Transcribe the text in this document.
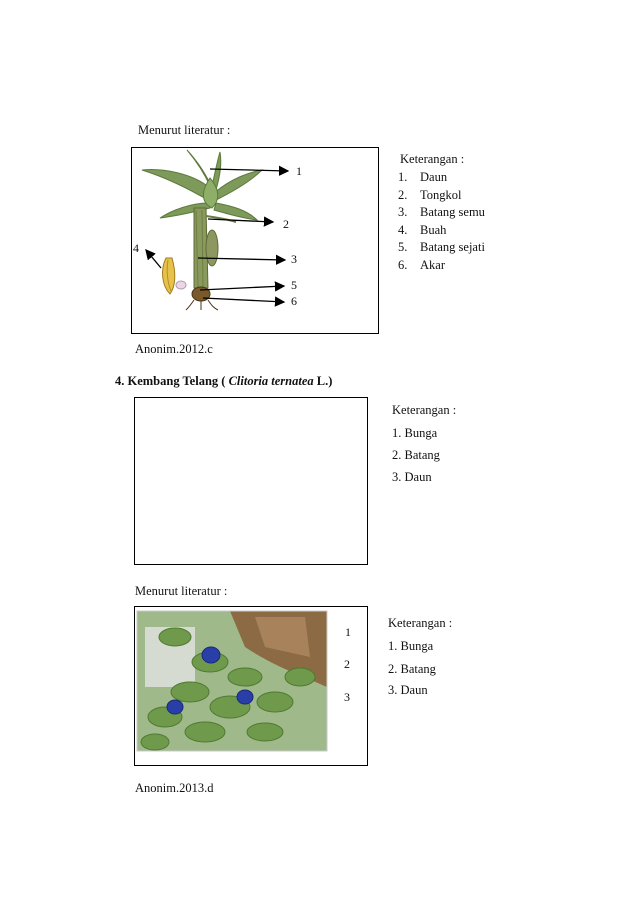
Menurut literatur :
1
2
3
4
5
6
Keterangan :
1. Daun
2. Tongkol
3. Batang semu
4. Buah
5. Batang sejati
6. Akar
Anonim.2012.c
4. Kembang Telang ( Clitoria ternatea L.)
Keterangan :
1. Bunga
2. Batang
3. Daun
Menurut literatur :
1
2
3
Keterangan :
1. Bunga
2. Batang
3. Daun
Anonim.2013.d
